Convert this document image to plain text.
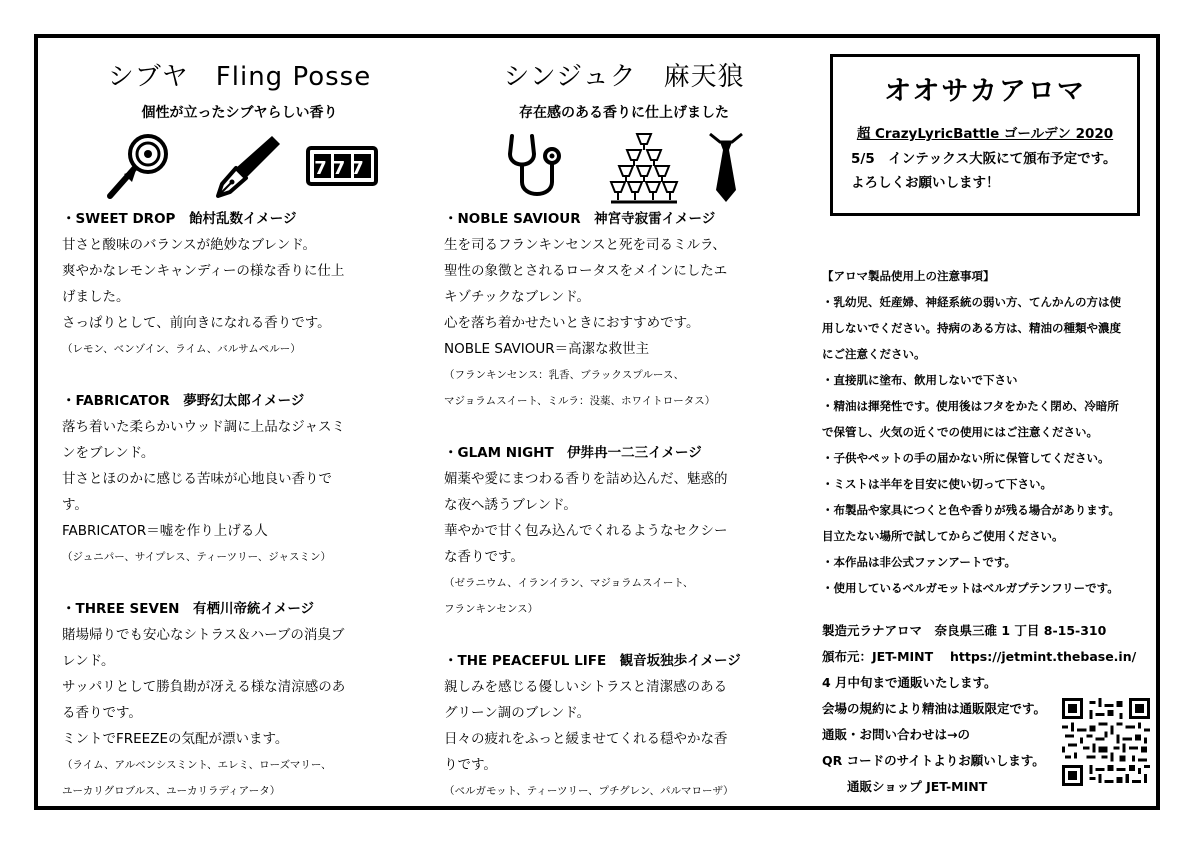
シブヤ　Fling Posse
個性が立ったシブヤらしい香り
777
・SWEET DROP　飴村乱数イメージ
甘さと酸味のバランスが絶妙なブレンド。
爽やかなレモンキャンディーの様な香りに仕上
げました。
さっぱりとして、前向きになれる香りです。
（レモン、ベンゾイン、ライム、バルサムペルー）
・FABRICATOR　夢野幻太郎イメージ
落ち着いた柔らかいウッド調に上品なジャスミ
ンをブレンド。
甘さとほのかに感じる苦味が心地良い香りで
す。
FABRICATOR＝嘘を作り上げる人
（ジュニパー、サイプレス、ティーツリー、ジャスミン）
・THREE SEVEN　有栖川帝統イメージ
賭場帰りでも安心なシトラス＆ハーブの消臭ブ
レンド。
サッパリとして勝負勘が冴える様な清涼感のあ
る香りです。
ミントでFREEZEの気配が漂います。
（ライム、アルベンシスミント、エレミ、ローズマリー、
ユーカリグロブルス、ユーカリラディアータ）
シンジュク　麻天狼
存在感のある香りに仕上げました
・NOBLE SAVIOUR　神宮寺寂雷イメージ
生を司るフランキンセンスと死を司るミルラ、
聖性の象徴とされるロータスをメインにしたエ
キゾチックなブレンド。
心を落ち着かせたいときにおすすめです。
NOBLE SAVIOUR＝高潔な救世主
（フランキンセンス：乳香、ブラックスプルース、
マジョラムスイート、ミルラ：没薬、ホワイトロータス）
・GLAM NIGHT　伊弉冉一二三イメージ
媚薬や愛にまつわる香りを詰め込んだ、魅惑的
な夜へ誘うブレンド。
華やかで甘く包み込んでくれるようなセクシー
な香りです。
（ゼラニウム、イランイラン、マジョラムスイート、
フランキンセンス）
・THE PEACEFUL LIFE　観音坂独歩イメージ
親しみを感じる優しいシトラスと清潔感のある
グリーン調のブレンド。
日々の疲れをふっと緩ませてくれる穏やかな香
りです。
（ベルガモット、ティーツリー、プチグレン、パルマローザ）
オオサカアロマ
超 CrazyLyricBattle ゴールデン 2020
5/5　インテックス大阪にて頒布予定です。
よろしくお願いします！
【アロマ製品使用上の注意事項】
・乳幼児、妊産婦、神経系統の弱い方、てんかんの方は使
用しないでください。持病のある方は、精油の種類や濃度
にご注意ください。
・直接肌に塗布、飲用しないで下さい
・精油は揮発性です。使用後はフタをかたく閉め、冷暗所
で保管し、火気の近くでの使用にはご注意ください。
・子供やペットの手の届かない所に保管してください。
・ミストは半年を目安に使い切って下さい。
・布製品や家具につくと色や香りが残る場合があります。
目立たない場所で試してからご使用ください。
・本作品は非公式ファンアートです。
・使用しているベルガモットはベルガプテンフリーです。
製造元ラナアロマ　奈良県三碓 1 丁目 8-15-310
頒布元：JET-MINT　 https://jetmint.thebase.in/
4 月中旬まで通販いたします。
会場の規約により精油は通販限定です。
通販・お問い合わせは→の
QR コードのサイトよりお願いします。
　　通販ショップ JET-MINT
